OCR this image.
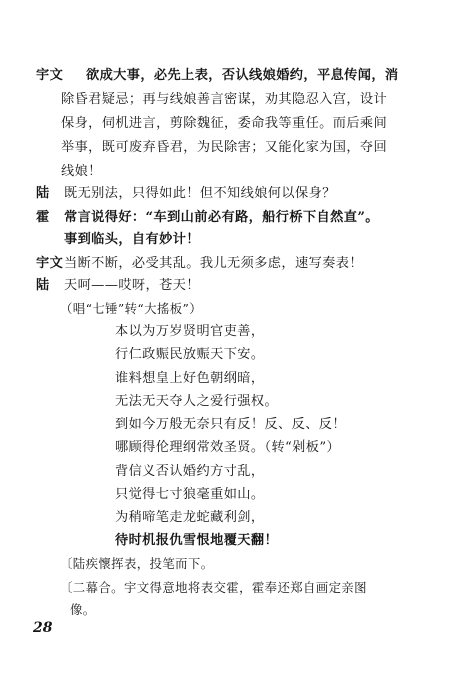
宇文 欲成大事，必先上表，否认线娘婚约，平息传闻，消
除昏君疑忌；再与线娘善言密谋，劝其隐忍入宫，设计
保身，伺机进言，剪除魏征，委命我等重任。而后乘间
举事，既可废弃昏君，为民除害；又能化家为国，夺回
线娘！
陆 既无别法，只得如此！但不知线娘何以保身？
霍 常言说得好：“车到山前必有路，船行桥下自然直”。
事到临头，自有妙计！
宇文 当断不断，必受其乱。我儿无须多虑，速写奏表！
陆 天呵——哎呀，苍天！
（唱“七锤”转“大搖板”）
本以为万岁贤明官吏善，
行仁政赈民放赈天下安。
谁料想皇上好色朝纲暗，
无法无天夺人之爱行强权。
到如今万般无奈只有反！反、反、反！
哪顾得伦理纲常效圣贤。（转“剁板”）
背信义否认婚约方寸乱，
只觉得七寸狼毫重如山。
为稍啼笔走龙蛇藏利剑，
待时机报仇雪恨地覆天翻！
〔陆疾懷挥表，投笔而下。
〔二幕合。宇文得意地将表交霍，霍奉还郑自画定亲图
像。
28
